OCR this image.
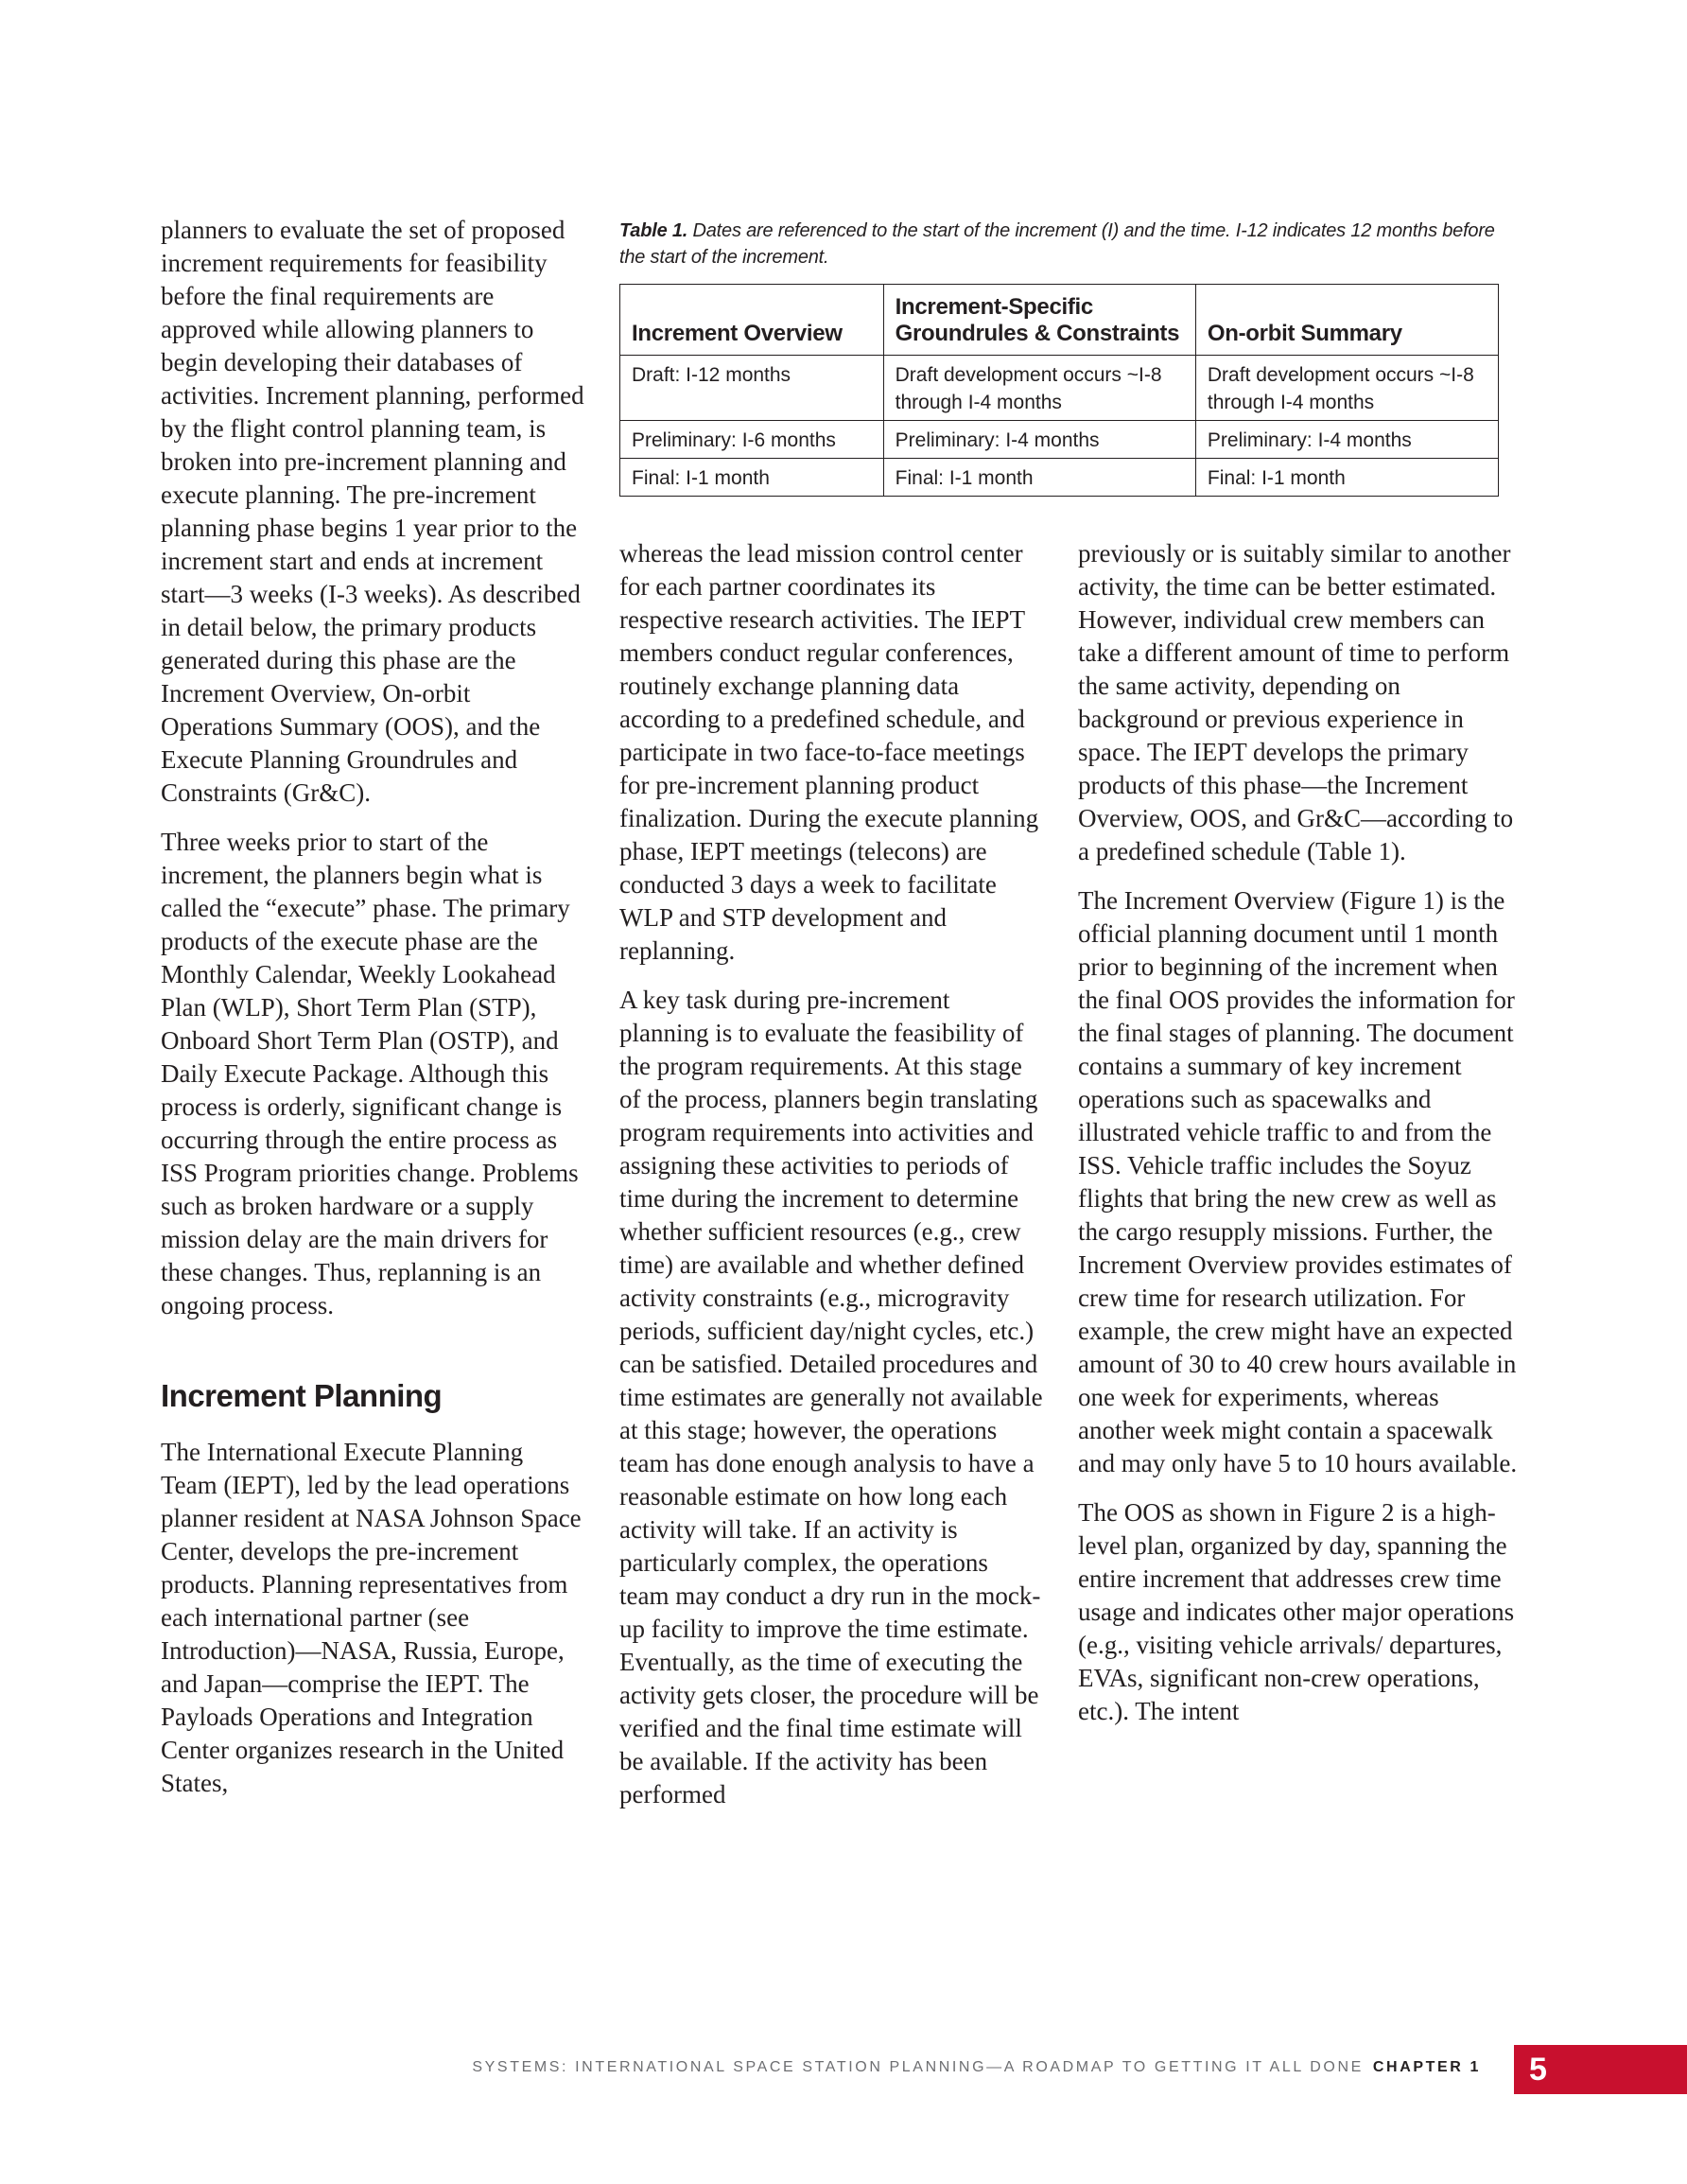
planners to evaluate the set of proposed increment requirements for feasibility before the final requirements are approved while allowing planners to begin developing their databases of activities. Increment planning, performed by the flight control planning team, is broken into pre-increment planning and execute planning. The pre-increment planning phase begins 1 year prior to the increment start and ends at increment start—3 weeks (I-3 weeks). As described in detail below, the primary products generated during this phase are the Increment Overview, On-orbit Operations Summary (OOS), and the Execute Planning Groundrules and Constraints (Gr&C).

Three weeks prior to start of the increment, the planners begin what is called the “execute” phase. The primary products of the execute phase are the Monthly Calendar, Weekly Lookahead Plan (WLP), Short Term Plan (STP), Onboard Short Term Plan (OSTP), and Daily Execute Package. Although this process is orderly, significant change is occurring through the entire process as ISS Program priorities change. Problems such as broken hardware or a supply mission delay are the main drivers for these changes. Thus, replanning is an ongoing process.

Increment Planning

The International Execute Planning Team (IEPT), led by the lead operations planner resident at NASA Johnson Space Center, develops the pre-increment products. Planning representatives from each international partner (see Introduction)—NASA, Russia, Europe, and Japan—comprise the IEPT. The Payloads Operations and Integration Center organizes research in the United States,

Table 1. Dates are referenced to the start of the increment (I) and the time. I-12 indicates 12 months before the start of the increment.
Increment Overview	Increment-Specific Groundrules & Constraints	On-orbit Summary
Draft: I-12 months	Draft development occurs ~I-8 through I-4 months	Draft development occurs ~I-8 through I-4 months
Preliminary: I-6 months	Preliminary: I-4 months	Preliminary: I-4 months
Final: I-1 month	Final: I-1 month	Final: I-1 month

whereas the lead mission control center for each partner coordinates its respective research activities. The IEPT members conduct regular conferences, routinely exchange planning data according to a predefined schedule, and participate in two face-to-face meetings for pre-increment planning product finalization. During the execute planning phase, IEPT meetings (telecons) are conducted 3 days a week to facilitate WLP and STP development and replanning.

A key task during pre-increment planning is to evaluate the feasibility of the program requirements. At this stage of the process, planners begin translating program requirements into activities and assigning these activities to periods of time during the increment to determine whether sufficient resources (e.g., crew time) are available and whether defined activity constraints (e.g., microgravity periods, sufficient day/night cycles, etc.) can be satisfied. Detailed procedures and time estimates are generally not available at this stage; however, the operations team has done enough analysis to have a reasonable estimate on how long each activity will take. If an activity is particularly complex, the operations team may conduct a dry run in the mock-up facility to improve the time estimate. Eventually, as the time of executing the activity gets closer, the procedure will be verified and the final time estimate will be available. If the activity has been performed

previously or is suitably similar to another activity, the time can be better estimated. However, individual crew members can take a different amount of time to perform the same activity, depending on background or previous experience in space. The IEPT develops the primary products of this phase—the Increment Overview, OOS, and Gr&C—according to a predefined schedule (Table 1).

The Increment Overview (Figure 1) is the official planning document until 1 month prior to beginning of the increment when the final OOS provides the information for the final stages of planning. The document contains a summary of key increment operations such as spacewalks and illustrated vehicle traffic to and from the ISS. Vehicle traffic includes the Soyuz flights that bring the new crew as well as the cargo resupply missions. Further, the Increment Overview provides estimates of crew time for research utilization. For example, the crew might have an expected amount of 30 to 40 crew hours available in one week for experiments, whereas another week might contain a spacewalk and may only have 5 to 10 hours available.

The OOS as shown in Figure 2 is a high-level plan, organized by day, spanning the entire increment that addresses crew time usage and indicates other major operations (e.g., visiting vehicle arrivals/ departures, EVAs, significant non-crew operations, etc.). The intent

SYSTEMS: INTERNATIONAL SPACE STATION PLANNING—A ROADMAP TO GETTING IT ALL DONE CHAPTER 1 5
